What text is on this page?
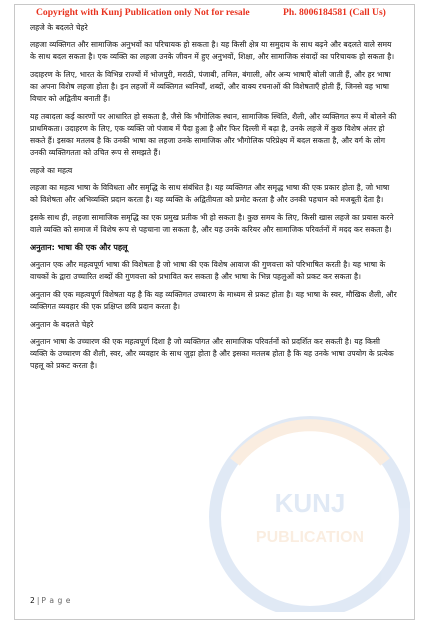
Copyright with Kunj Publication only Not for resale	Ph. 8006184581 (Call Us)
KUNJ
PUBLICATION

लहजे के बदलते चेहरे

लहजा व्यक्तिगत और सामाजिक अनुभवों का परिचायक हो सकता है। यह किसी क्षेत्र या समुदाय के साथ बढ़ने और बदलते वाले समय के साथ बदल सकता है। एक व्यक्ति का लहजा उनके जीवन में हुए अनुभवों, शिक्षा, और सामाजिक संवादों का परिचायक हो सकता है।

उदाहरण के लिए, भारत के विभिन्न राज्यों में भोजपुरी, मराठी, पंजाबी, तमिल, बंगाली, और अन्य भाषाएँ बोली जाती हैं, और हर भाषा का अपना विशेष लहजा होता है। इन लहजों में व्यक्तिगत ध्वनियाँ, शब्दों, और वाक्य रचनाओं की विशेषताएँ होती हैं, जिनसे वह भाषा विचार को अद्वितीय बनाती हैं।

यह तबादला कई कारणों पर आधारित हो सकता है, जैसे कि भौगोलिक स्थान, सामाजिक स्थिति, शैली, और व्यक्तिगत रूप में बोलने की प्राथमिकता। उदाहरण के लिए, एक व्यक्ति जो पंजाब में पैदा हुआ है और फिर दिल्ली में बढ़ा है, उनके लहजे में कुछ विशेष अंतर हो सकते हैं। इसका मतलब है कि उनकी भाषा का लहजा उनके सामाजिक और भौगोलिक परिप्रेक्ष्य में बदल सकता है, और वर्ग के लोग उनकी व्यक्तिगतता को उचित रूप से समझते हैं।

लहजे का महत्व

लहजा का महत्व भाषा के विविधता और समृद्धि के साथ संबंधित है। यह व्यक्तिगत और समृद्ध भाषा की एक प्रकार होता है, जो भाषा को विशेषता और अभिव्यक्ति प्रदान करता है। यह व्यक्ति के अद्वितीयता को प्रमोट करता है और उनकी पहचान को मजबूती देता है।

इसके साथ ही, लहजा सामाजिक समृद्धि का एक प्रमुख प्रतीक भी हो सकता है। कुछ समय के लिए, किसी खास लहजे का प्रयास करने वाले व्यक्ति को समाज में विशेष रूप से पहचाना जा सकता है, और यह उनके करियर और सामाजिक परिवर्तनों में मदद कर सकता है।

अनुतान: भाषा की एक और पहलू

अनुतान एक और महत्वपूर्ण भाषा की विशेषता है जो भाषा की एक विशेष आवाज की गुणवत्ता को परिभाषित करती है। यह भाषा के वाचकों के द्वारा उच्चारित शब्दों की गुणवत्ता को प्रभावित कर सकता है और भाषा के भिन्न पहलुओं को प्रकट कर सकता है।

अनुतान की एक महत्वपूर्ण विशेषता यह है कि यह व्यक्तिगत उच्चारण के माध्यम से प्रकट होता है। यह भाषा के स्वर, मौखिक शैली, और व्यक्तिगत व्यवहार की एक प्रक्षिप्त छवि प्रदान करता है।

अनुतान के बदलते चेहरे

अनुतान भाषा के उच्चारण की एक महत्वपूर्ण दिशा है जो व्यक्तिगत और सामाजिक परिवर्तनों को प्रदर्शित कर सकती है। यह किसी व्यक्ति के उच्चारण की शैली, स्वर, और व्यवहार के साथ जुड़ा होता है और इसका मतलब होता है कि यह उनके भाषा उपयोग के प्रत्येक पहलू को प्रकट करता है।

2 | P a g e
